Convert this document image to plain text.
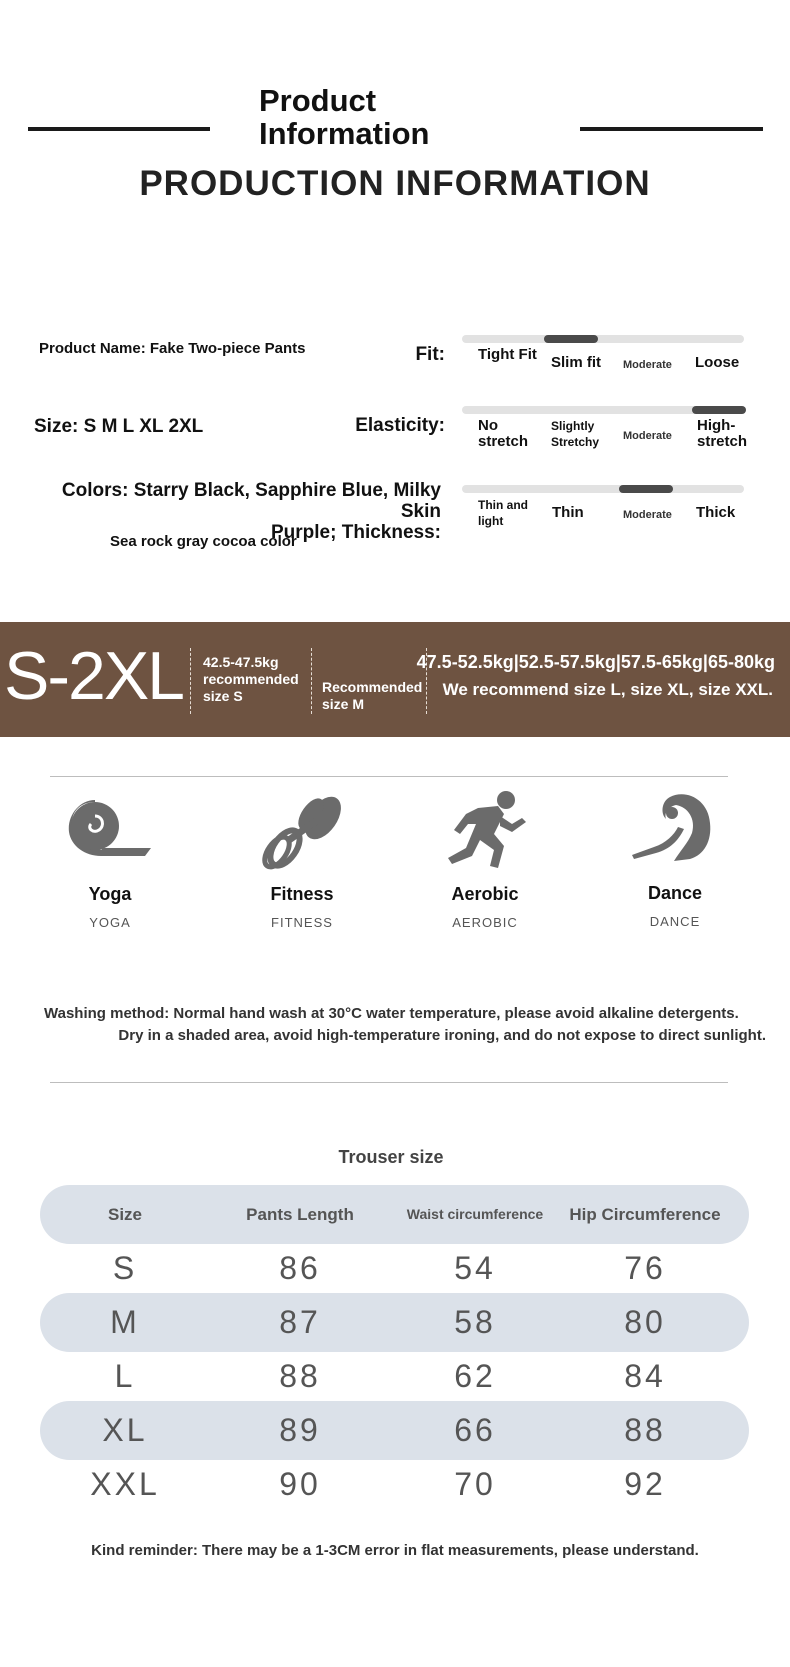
Product
Information
PRODUCTION INFORMATION
Product Name: Fake Two-piece Pants
Size: S M L XL 2XL
Colors: Starry Black, Sapphire Blue, Milky Skin
Purple; Thickness:
Sea rock gray cocoa color
Fit:
Elasticity:
Tight Fit Slim fit Moderate Loose
No stretch
Slightly Stretchy	Moderate
High-stretch
Thin and light	Thin	Moderate Thick
S-2XL 42.5-47.5kg
recommended
size S
Recommended
size M
47.5-52.5kg|52.5-57.5kg|57.5-65kg|65-80kg
We recommend size L, size XL, size XXL.
Yoga
YOGA
Fitness
FITNESS
Aerobic
AEROBIC
Dance
DANCE
Washing method: Normal hand wash at 30°C water temperature, please avoid alkaline detergents.
Dry in a shaded area, avoid high-temperature ironing, and do not expose to direct sunlight.
Trouser size
Size	Pants Length	Waist circumference	Hip Circumference
S	86	54	76
M	87	58	80
L	88	62	84
XL	89	66	88
XXL	90	70	92
Kind reminder: There may be a 1-3CM error in flat measurements, please understand.
